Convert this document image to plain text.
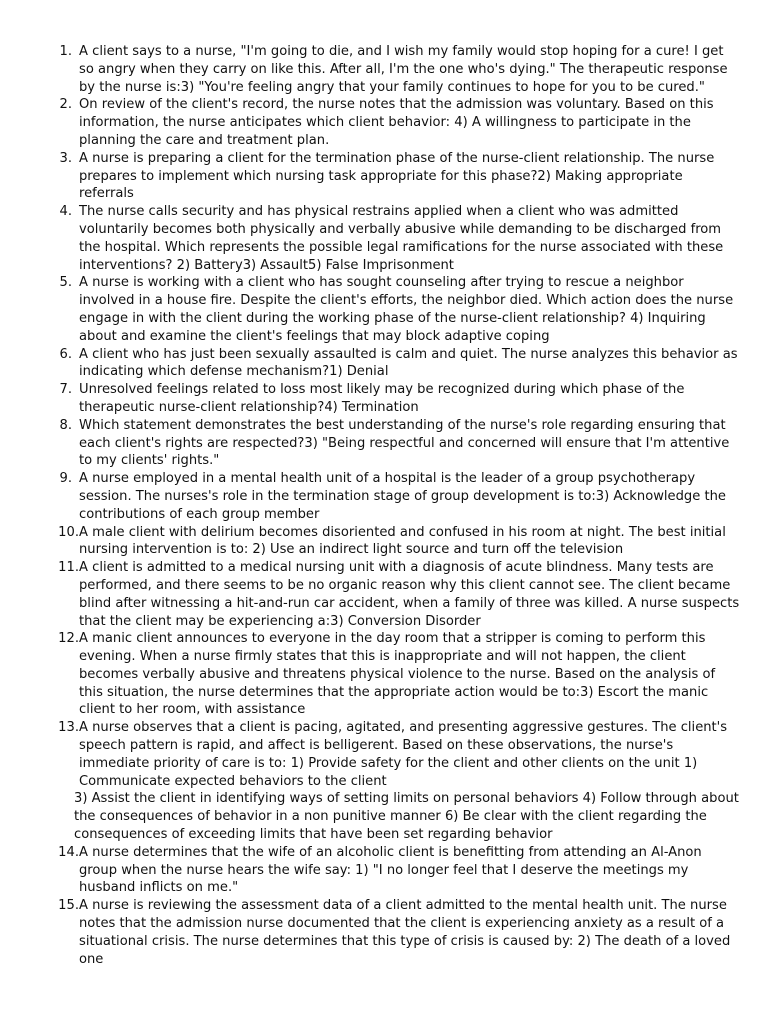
1. A client says to a nurse, "I'm going to die, and I wish my family would stop hoping for a cure! I get so angry when they carry on like this. After all, I'm the one who's dying." The therapeutic response by the nurse is:3) "You're feeling angry that your family continues to hope for you to be cured."
2. On review of the client's record, the nurse notes that the admission was voluntary. Based on this information, the nurse anticipates which client behavior: 4) A willingness to participate in the planning the care and treatment plan.
3. A nurse is preparing a client for the termination phase of the nurse-client relationship. The nurse prepares to implement which nursing task appropriate for this phase?2) Making appropriate referrals
4. The nurse calls security and has physical restrains applied when a client who was admitted voluntarily becomes both physically and verbally abusive while demanding to be discharged from the hospital. Which represents the possible legal ramifications for the nurse associated with these interventions? 2) Battery3) Assault5) False Imprisonment
5. A nurse is working with a client who has sought counseling after trying to rescue a neighbor involved in a house fire. Despite the client's efforts, the neighbor died. Which action does the nurse engage in with the client during the working phase of the nurse-client relationship? 4) Inquiring about and examine the client's feelings that may block adaptive coping
6. A client who has just been sexually assaulted is calm and quiet. The nurse analyzes this behavior as indicating which defense mechanism?1) Denial
7. Unresolved feelings related to loss most likely may be recognized during which phase of the therapeutic nurse-client relationship?4) Termination
8. Which statement demonstrates the best understanding of the nurse's role regarding ensuring that each client's rights are respected?3) "Being respectful and concerned will ensure that I'm attentive to my clients' rights."
9. A nurse employed in a mental health unit of a hospital is the leader of a group psychotherapy session. The nurses's role in the termination stage of group development is to:3) Acknowledge the contributions of each group member
10. A male client with delirium becomes disoriented and confused in his room at night. The best initial nursing intervention is to: 2) Use an indirect light source and turn off the television
11. A client is admitted to a medical nursing unit with a diagnosis of acute blindness. Many tests are performed, and there seems to be no organic reason why this client cannot see. The client became blind after witnessing a hit-and-run car accident, when a family of three was killed. A nurse suspects that the client may be experiencing a:3) Conversion Disorder
12. A manic client announces to everyone in the day room that a stripper is coming to perform this evening. When a nurse firmly states that this is inappropriate and will not happen, the client becomes verbally abusive and threatens physical violence to the nurse. Based on the analysis of this situation, the nurse determines that the appropriate action would be to:3) Escort the manic client to her room, with assistance
13. A nurse observes that a client is pacing, agitated, and presenting aggressive gestures. The client's speech pattern is rapid, and affect is belligerent. Based on these observations, the nurse's immediate priority of care is to: 1) Provide safety for the client and other clients on the unit 1) Communicate expected behaviors to the client
3) Assist the client in identifying ways of setting limits on personal behaviors 4) Follow through about the consequences of behavior in a non punitive manner 6) Be clear with the client regarding the consequences of exceeding limits that have been set regarding behavior
14. A nurse determines that the wife of an alcoholic client is benefitting from attending an Al-Anon group when the nurse hears the wife say: 1) "I no longer feel that I deserve the meetings my husband inflicts on me."
15. A nurse is reviewing the assessment data of a client admitted to the mental health unit. The nurse notes that the admission nurse documented that the client is experiencing anxiety as a result of a situational crisis. The nurse determines that this type of crisis is caused by: 2) The death of a loved one
